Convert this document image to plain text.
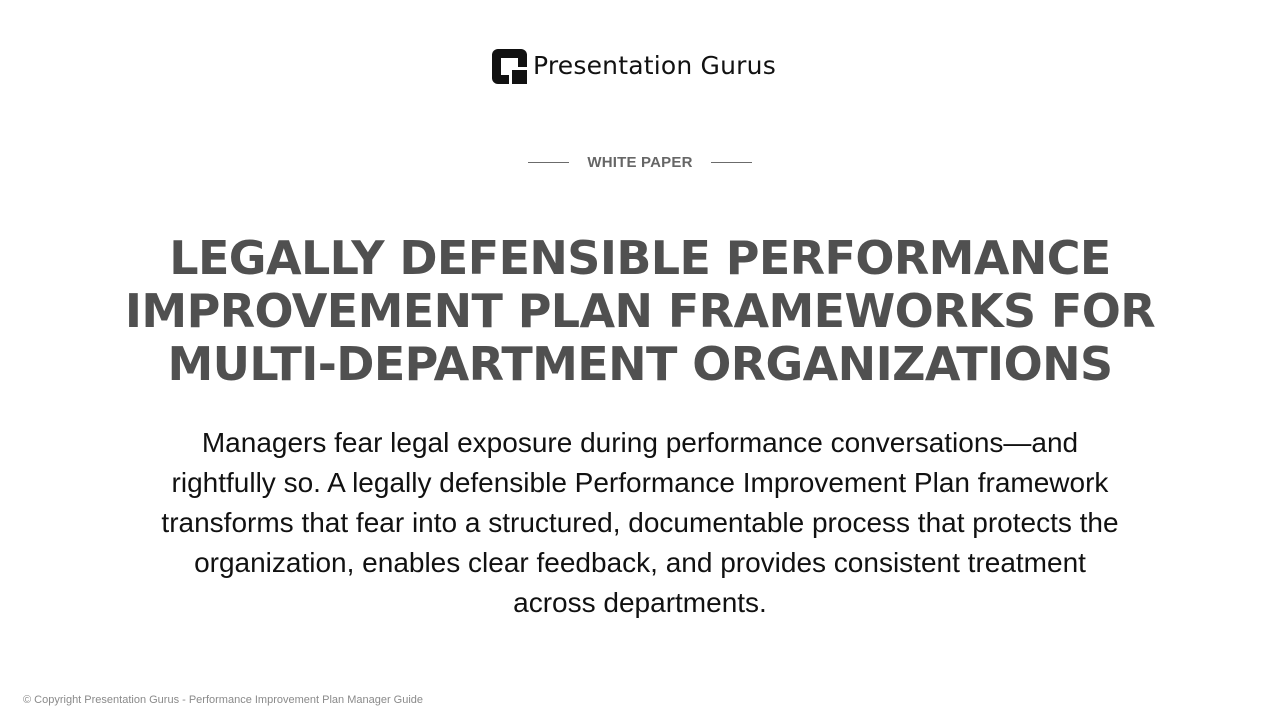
Presentation Gurus
WHITE PAPER
LEGALLY DEFENSIBLE PERFORMANCE IMPROVEMENT PLAN FRAMEWORKS FOR MULTI-DEPARTMENT ORGANIZATIONS

Managers fear legal exposure during performance conversations—and rightfully so. A legally defensible Performance Improvement Plan framework transforms that fear into a structured, documentable process that protects the organization, enables clear feedback, and provides consistent treatment across departments.

© Copyright Presentation Gurus - Performance Improvement Plan Manager Guide
